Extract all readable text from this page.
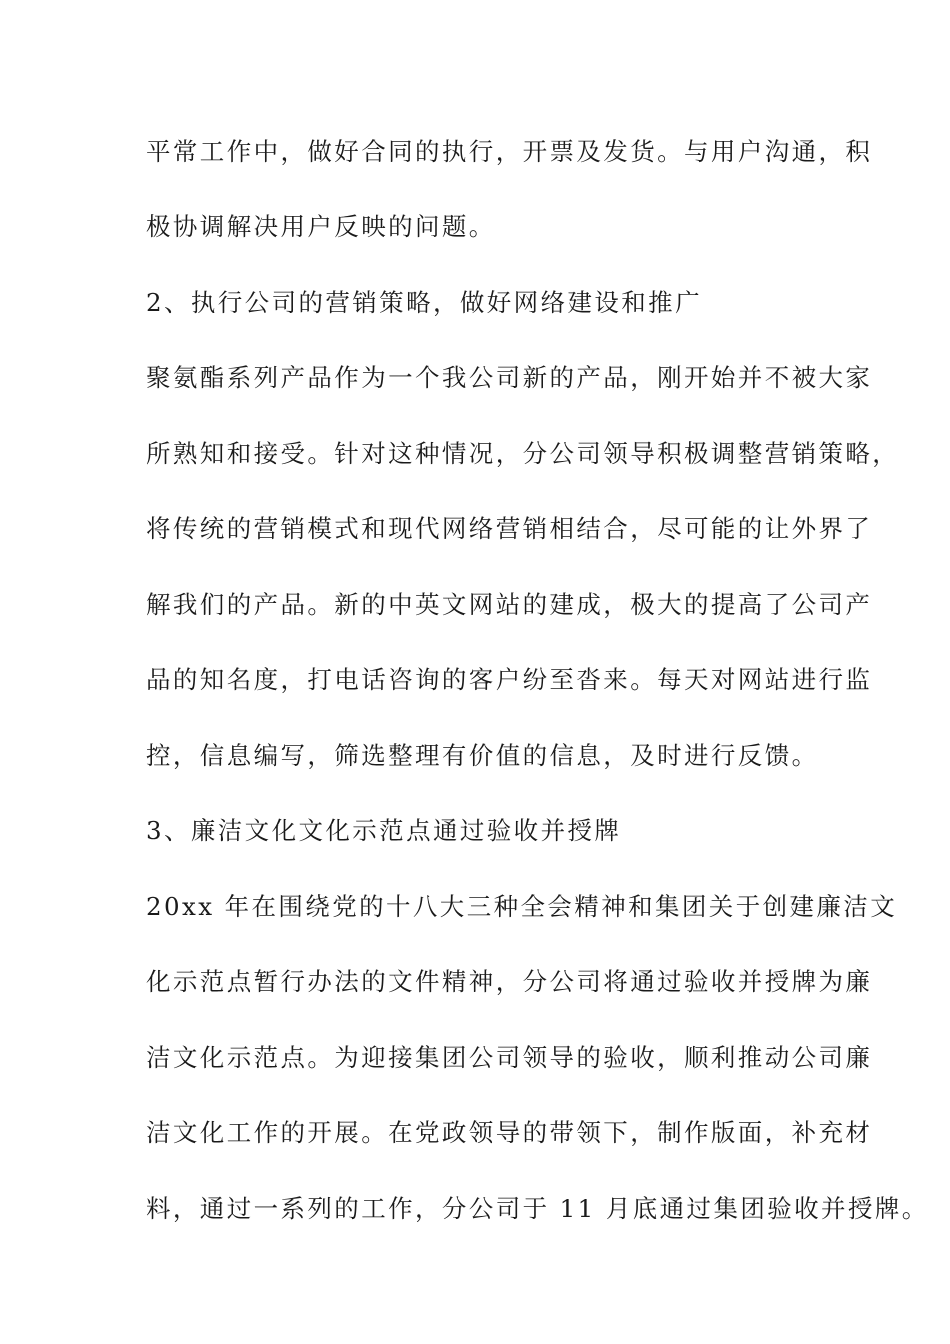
平常工作中，做好合同的执行，开票及发货。与用户沟通，积
极协调解决用户反映的问题。
2、执行公司的营销策略，做好网络建设和推广
聚氨酯系列产品作为一个我公司新的产品，刚开始并不被大家
所熟知和接受。针对这种情况，分公司领导积极调整营销策略，
将传统的营销模式和现代网络营销相结合，尽可能的让外界了
解我们的产品。新的中英文网站的建成，极大的提高了公司产
品的知名度，打电话咨询的客户纷至沓来。每天对网站进行监
控，信息编写，筛选整理有价值的信息，及时进行反馈。
3、廉洁文化文化示范点通过验收并授牌
20xx 年在围绕党的十八大三种全会精神和集团关于创建廉洁文
化示范点暂行办法的文件精神，分公司将通过验收并授牌为廉
洁文化示范点。为迎接集团公司领导的验收，顺利推动公司廉
洁文化工作的开展。在党政领导的带领下，制作版面，补充材
料，通过一系列的工作，分公司于 11 月底通过集团验收并授牌。
